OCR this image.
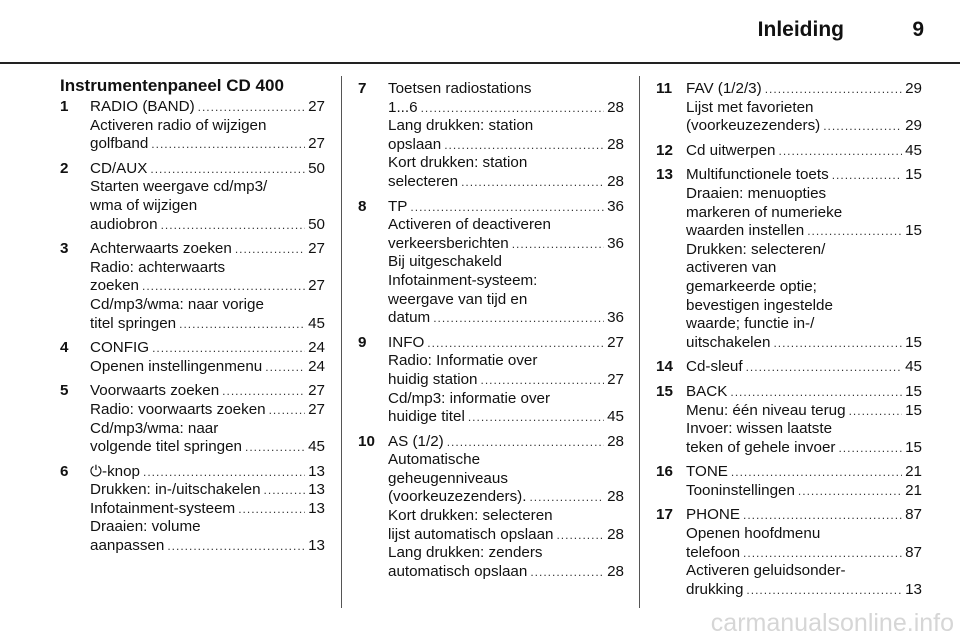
Inleiding	9
Instrumentenpaneel CD 400
1	RADIO (BAND) .....	27
Activeren radio of wijzigen
golfband .....	27
2	CD/AUX .....	50
Starten weergave cd/mp3/
wma of wijzigen
audiobron .....	50
3	Achterwaarts zoeken .....	27
Radio: achterwaarts
zoeken .....	27
Cd/mp3/wma: naar vorige
titel springen .....	45
4	CONFIG .....	24
Openen instellingenmenu .....	24
5	Voorwaarts zoeken .....	27
Radio: voorwaarts zoeken .....	27
Cd/mp3/wma: naar
volgende titel springen .....	45
6	⏻-knop .....	13
Drukken: in-/uitschakelen .....	13
Infotainment-systeem .....	13
Draaien: volume
aanpassen .....	13
7	Toetsen radiostations
1...6 .....	28
Lang drukken: station
opslaan .....	28
Kort drukken: station
selecteren .....	28
8	TP .....	36
Activeren of deactiveren
verkeersberichten .....	36
Bij uitgeschakeld
Infotainment-systeem:
weergave van tijd en
datum .....	36
9	INFO .....	27
Radio: Informatie over
huidig station .....	27
Cd/mp3: informatie over
huidige titel .....	45
10 AS (1/2) .....	28
Automatische
geheugenniveaus
(voorkeuzezenders). .....	28
Kort drukken: selecteren
lijst automatisch opslaan .....	28
Lang drukken: zenders
automatisch opslaan .....	28
11 FAV (1/2/3) .....	29
Lijst met favorieten
(voorkeuzezenders) .....	29
12 Cd uitwerpen .....	45
13 Multifunctionele toets .....	15
Draaien: menuopties
markeren of numerieke
waarden instellen .....	15
Drukken: selecteren/
activeren van
gemarkeerde optie;
bevestigen ingestelde
waarde; functie in-/
uitschakelen .....	15
14 Cd-sleuf .....	45
15 BACK .....	15
Menu: één niveau terug .....	15
Invoer: wissen laatste
teken of gehele invoer .....	15
16 TONE .....	21
Tooninstellingen .....	21
17 PHONE .....	87
Openen hoofdmenu
telefoon .....	87
Activeren geluidsonder-
drukking .....	13
carmanualsonline.info
